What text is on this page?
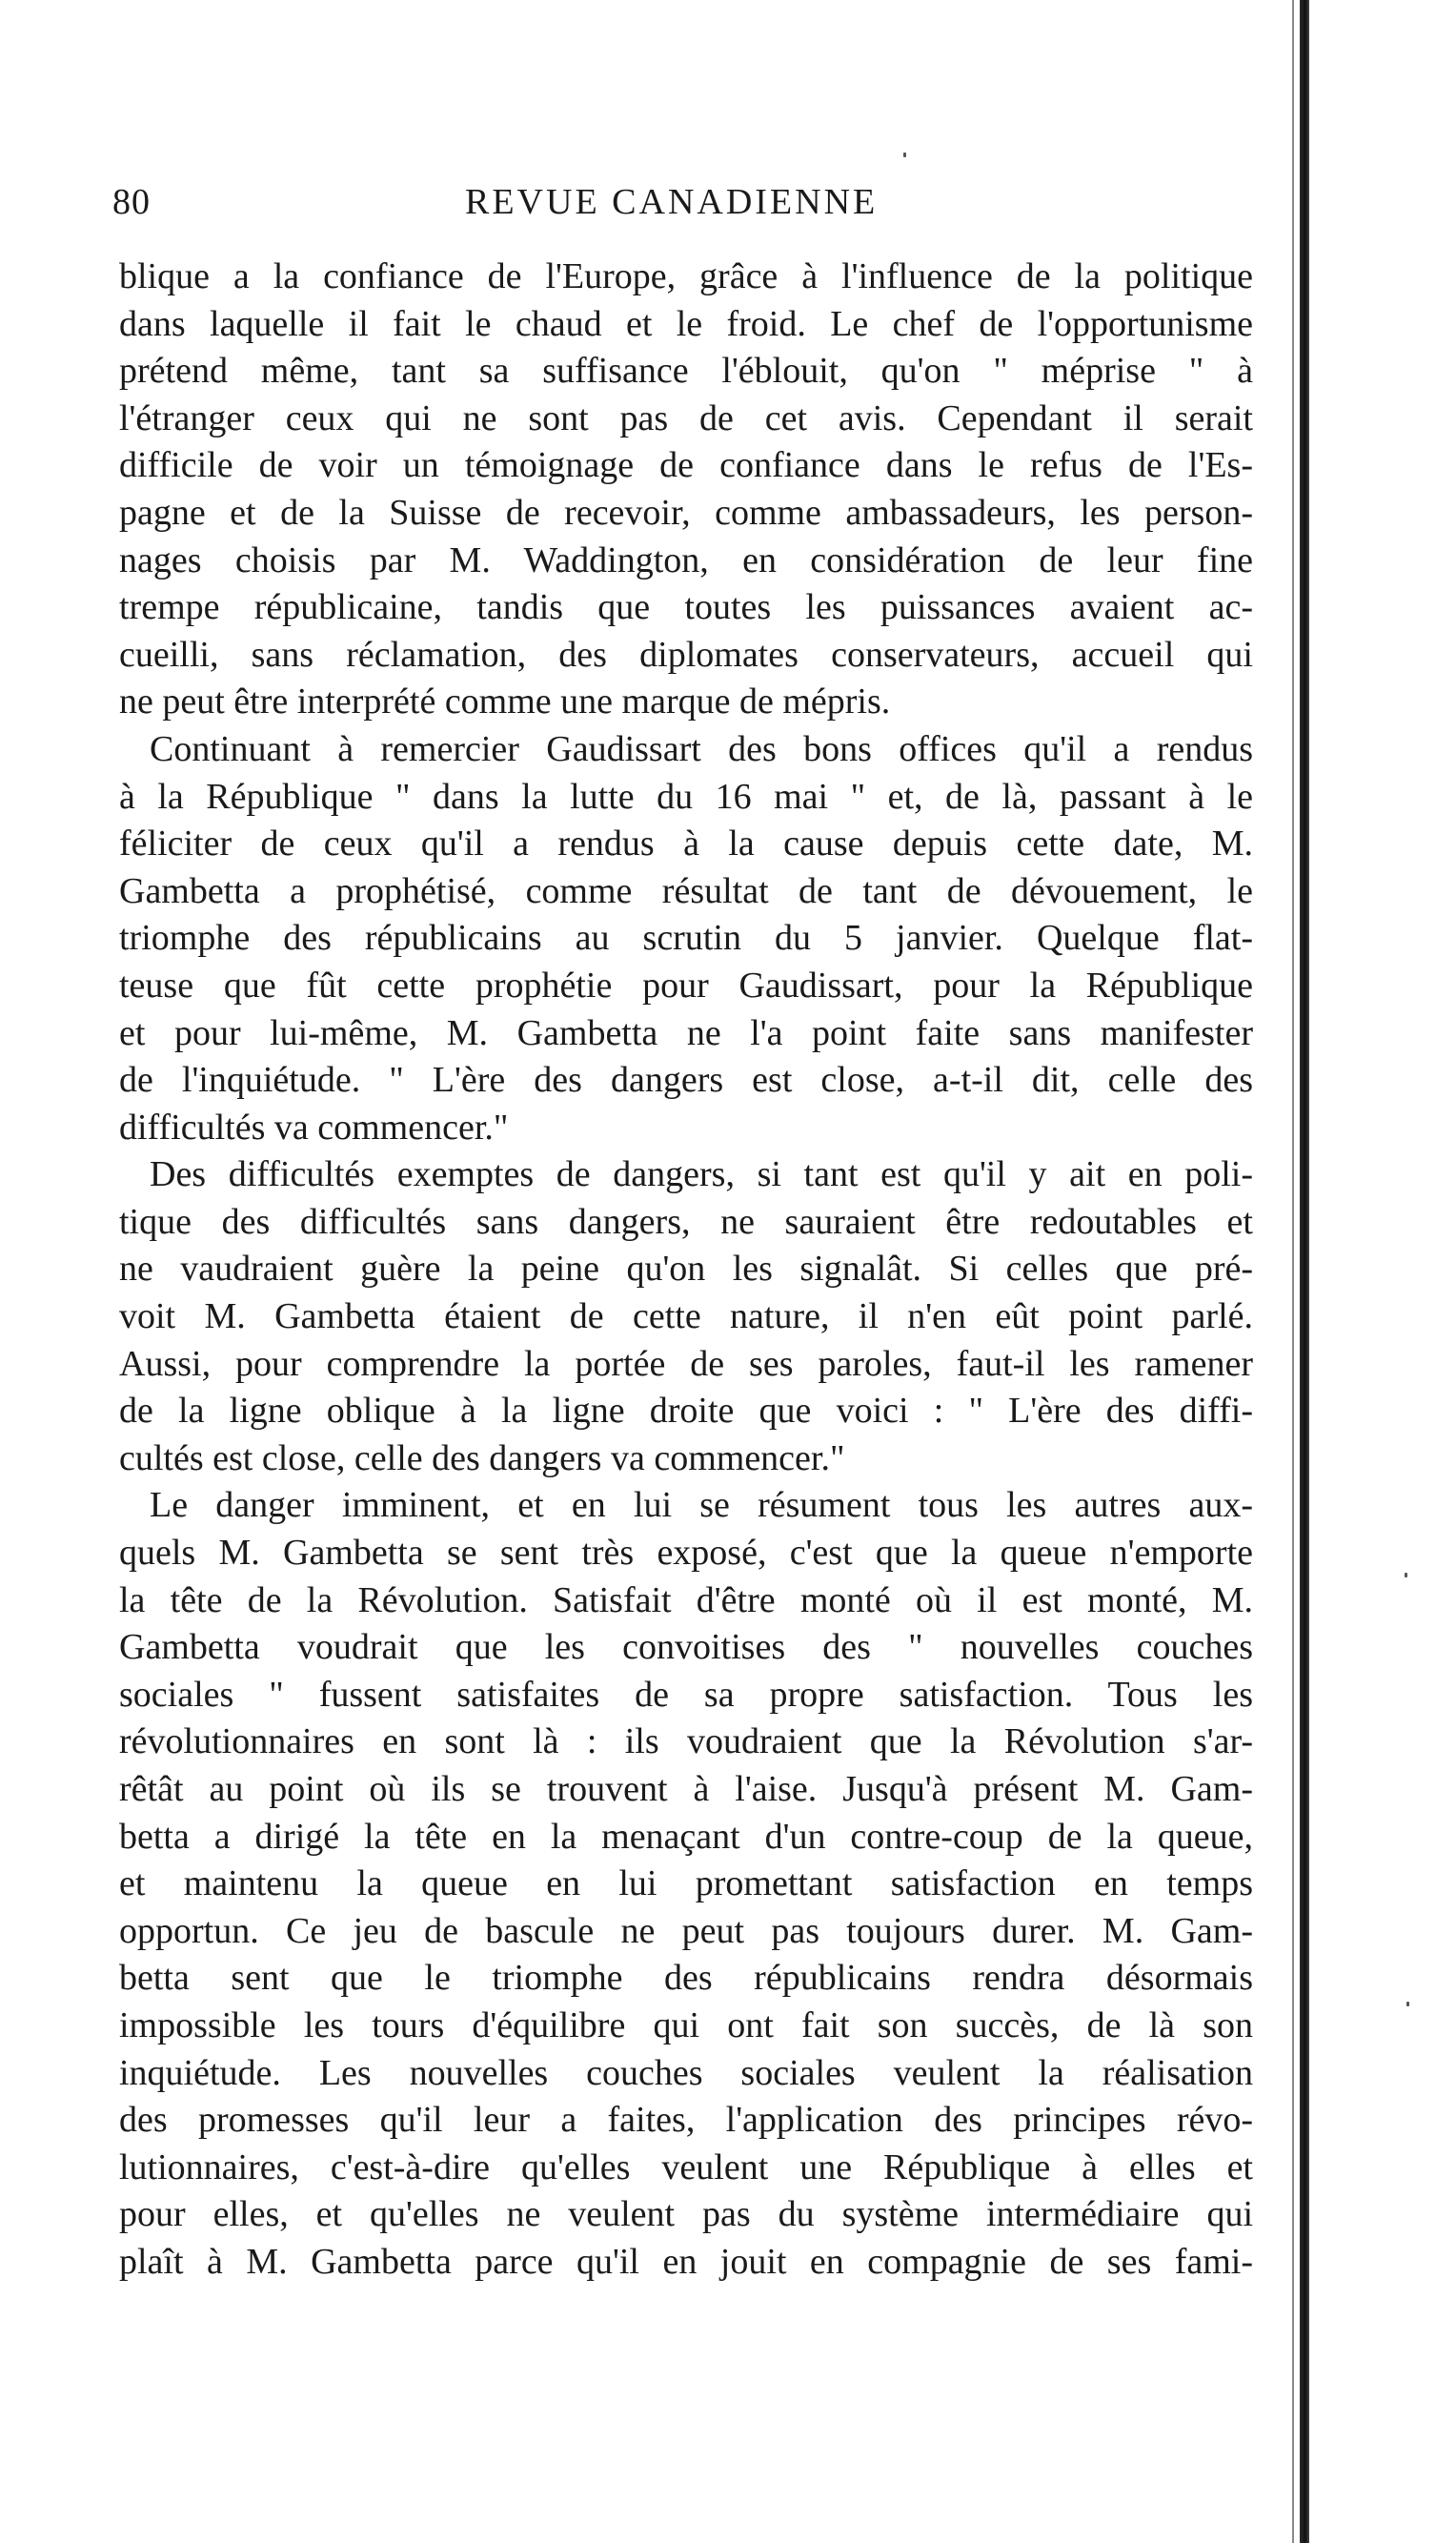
80	REVUE CANADIENNE
blique a la confiance de l'Europe, grâce à l'influence de la politique
dans laquelle il fait le chaud et le froid. Le chef de l'opportunisme
prétend même, tant sa suffisance l'éblouit, qu'on " méprise " à
l'étranger ceux qui ne sont pas de cet avis. Cependant il serait
difficile de voir un témoignage de confiance dans le refus de l'Es-
pagne et de la Suisse de recevoir, comme ambassadeurs, les person-
nages choisis par M. Waddington, en considération de leur fine
trempe républicaine, tandis que toutes les puissances avaient ac-
cueilli, sans réclamation, des diplomates conservateurs, accueil qui
ne peut être interprété comme une marque de mépris.
Continuant à remercier Gaudissart des bons offices qu'il a rendus
à la République " dans la lutte du 16 mai " et, de là, passant à le
féliciter de ceux qu'il a rendus à la cause depuis cette date, M.
Gambetta a prophétisé, comme résultat de tant de dévouement, le
triomphe des républicains au scrutin du 5 janvier. Quelque flat-
teuse que fût cette prophétie pour Gaudissart, pour la République
et pour lui-même, M. Gambetta ne l'a point faite sans manifester
de l'inquiétude. " L'ère des dangers est close, a-t-il dit, celle des
difficultés va commencer."
Des difficultés exemptes de dangers, si tant est qu'il y ait en poli-
tique des difficultés sans dangers, ne sauraient être redoutables et
ne vaudraient guère la peine qu'on les signalât. Si celles que pré-
voit M. Gambetta étaient de cette nature, il n'en eût point parlé.
Aussi, pour comprendre la portée de ses paroles, faut-il les ramener
de la ligne oblique à la ligne droite que voici : " L'ère des diffi-
cultés est close, celle des dangers va commencer."
Le danger imminent, et en lui se résument tous les autres aux-
quels M. Gambetta se sent très exposé, c'est que la queue n'emporte
la tête de la Révolution. Satisfait d'être monté où il est monté, M.
Gambetta voudrait que les convoitises des " nouvelles couches
sociales " fussent satisfaites de sa propre satisfaction. Tous les
révolutionnaires en sont là : ils voudraient que la Révolution s'ar-
rêtât au point où ils se trouvent à l'aise. Jusqu'à présent M. Gam-
betta a dirigé la tête en la menaçant d'un contre-coup de la queue,
et maintenu la queue en lui promettant satisfaction en temps
opportun. Ce jeu de bascule ne peut pas toujours durer. M. Gam-
betta sent que le triomphe des républicains rendra désormais
impossible les tours d'équilibre qui ont fait son succès, de là son
inquiétude. Les nouvelles couches sociales veulent la réalisation
des promesses qu'il leur a faites, l'application des principes révo-
lutionnaires, c'est-à-dire qu'elles veulent une République à elles et
pour elles, et qu'elles ne veulent pas du système intermédiaire qui
plaît à M. Gambetta parce qu'il en jouit en compagnie de ses fami-
